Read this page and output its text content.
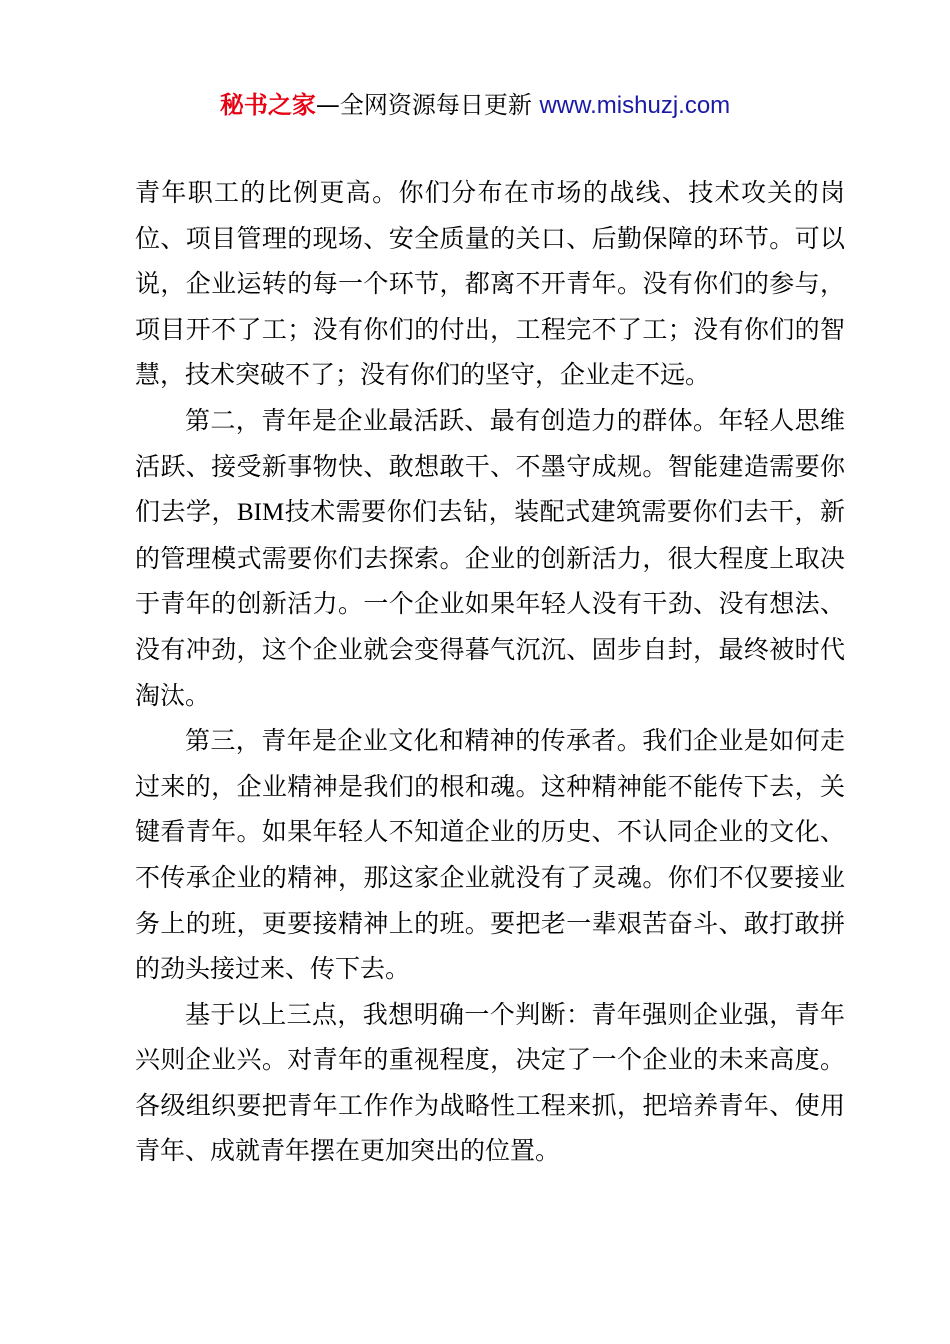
秘书之家—全网资源每日更新 www.mishuzj.com

青年职工的比例更高。你们分布在市场的战线、技术攻关的岗位、项目管理的现场、安全质量的关口、后勤保障的环节。可以说，企业运转的每一个环节，都离不开青年。没有你们的参与，项目开不了工；没有你们的付出，工程完不了工；没有你们的智慧，技术突破不了；没有你们的坚守，企业走不远。

第二，青年是企业最活跃、最有创造力的群体。年轻人思维活跃、接受新事物快、敢想敢干、不墨守成规。智能建造需要你们去学，BIM技术需要你们去钻，装配式建筑需要你们去干，新的管理模式需要你们去探索。企业的创新活力，很大程度上取决于青年的创新活力。一个企业如果年轻人没有干劲、没有想法、没有冲劲，这个企业就会变得暮气沉沉、固步自封，最终被时代淘汰。

第三，青年是企业文化和精神的传承者。我们企业是如何走过来的，企业精神是我们的根和魂。这种精神能不能传下去，关键看青年。如果年轻人不知道企业的历史、不认同企业的文化、不传承企业的精神，那这家企业就没有了灵魂。你们不仅要接业务上的班，更要接精神上的班。要把老一辈艰苦奋斗、敢打敢拼的劲头接过来、传下去。

基于以上三点，我想明确一个判断：青年强则企业强，青年兴则企业兴。对青年的重视程度，决定了一个企业的未来高度。各级组织要把青年工作作为战略性工程来抓，把培养青年、使用青年、成就青年摆在更加突出的位置。
